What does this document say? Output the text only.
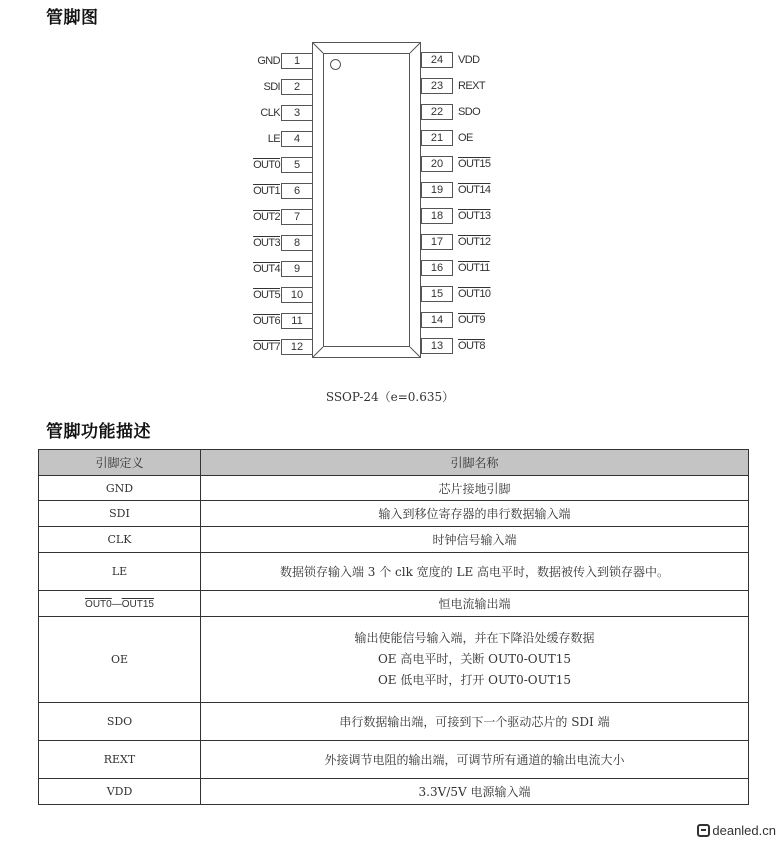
管脚图
1
GND
2
SDI
3
CLK
4
LE
5
OUT0
6
OUT1
7
OUT2
8
OUT3
9
OUT4
10
OUT5
11
OUT6
12
OUT7
24	VDD
23	REXT
22	SDO
21	OE
20	OUT15
19	OUT14
18	OUT13
17	OUT12
16	OUT11
15	OUT10
14	OUT9
13	OUT8
SSOP-24（e=0.635）
管脚功能描述
引脚定义	引脚名称
GND	芯片接地引脚

SDI	输入到移位寄存器的串行数据输入端

CLK	时钟信号输入端

LE	数据锁存输入端 3 个 clk 宽度的 LE 高电平时，数据被传入到锁存器中。

OUT0—OUT15	恒电流输出端

OE	输出使能信号输入端，并在下降沿处缓存数据
OE 高电平时，关断 OUT0-OUT15
OE 低电平时，打开 OUT0-OUT15

SDO	串行数据输出端，可接到下一个驱动芯片的 SDI 端

REXT	外接调节电阻的输出端，可调节所有通道的输出电流大小

VDD	3.3V/5V 电源输入端
deanled.cn
